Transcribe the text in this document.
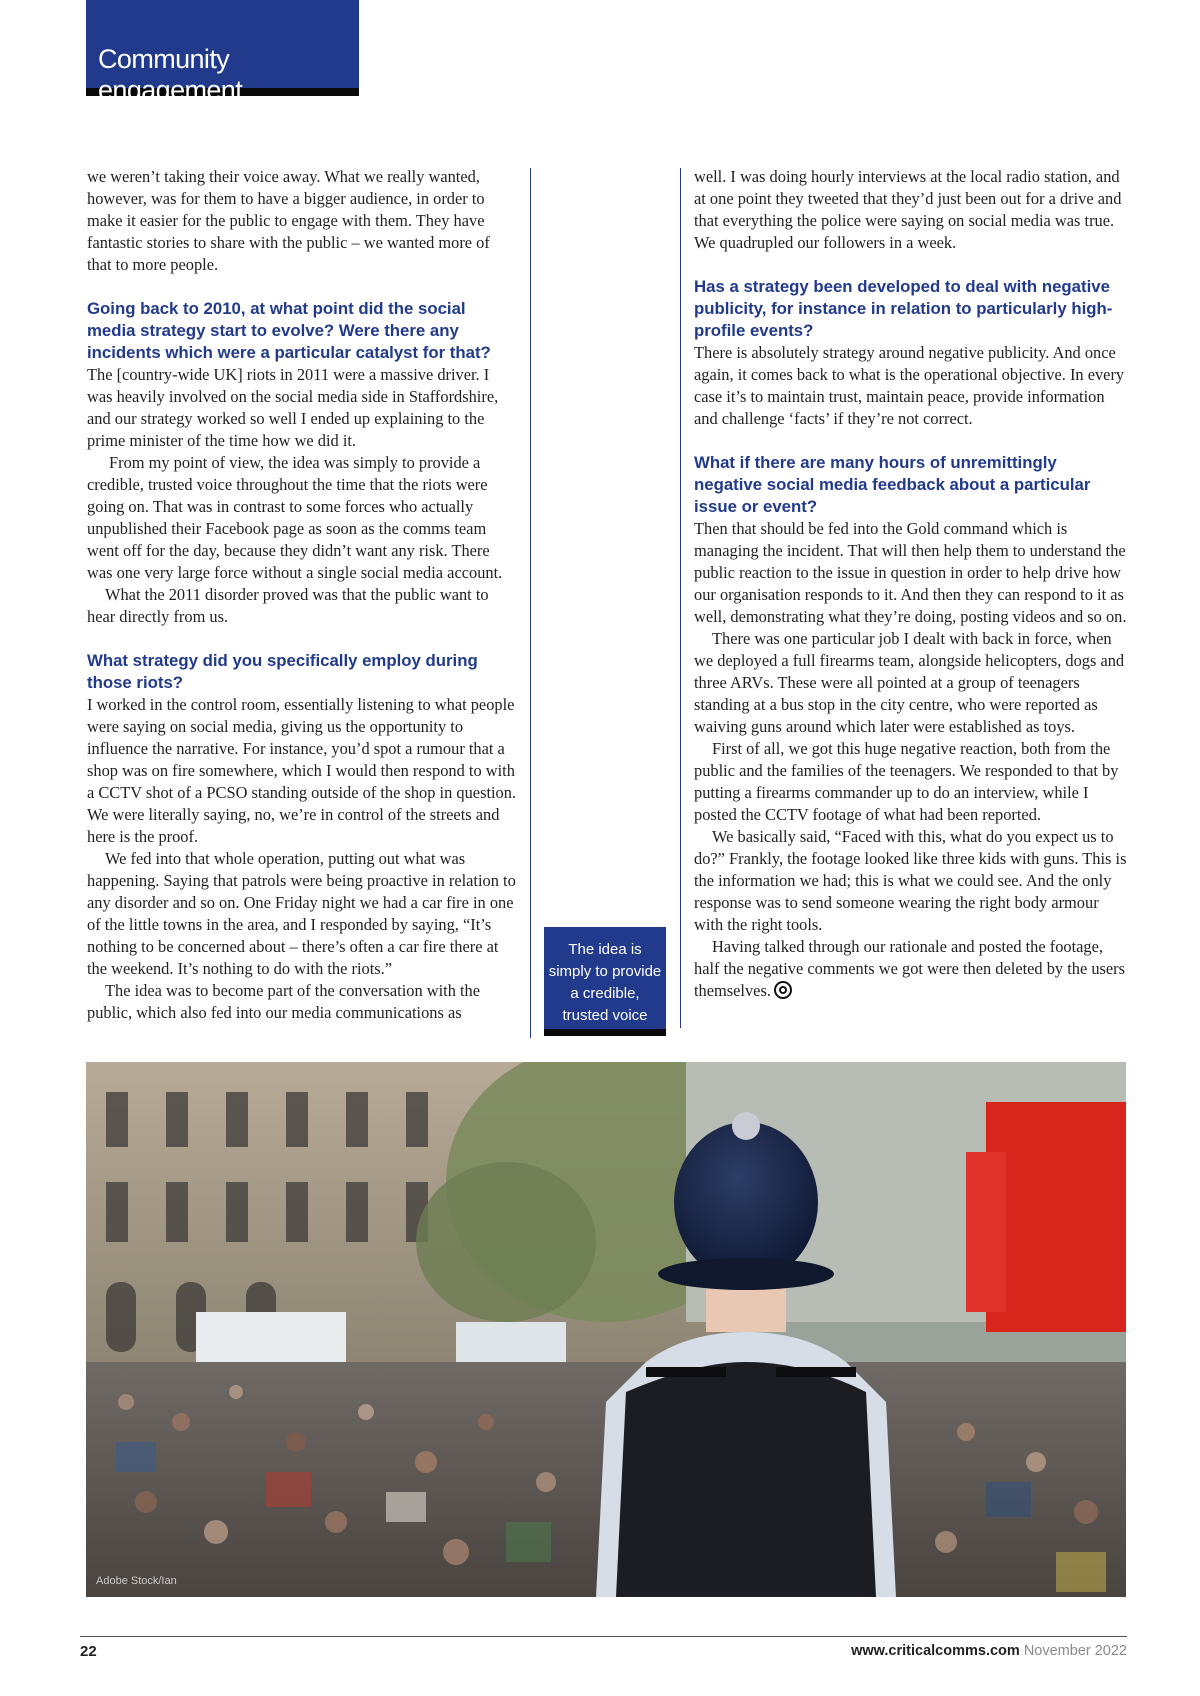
Community engagement

we weren’t taking their voice away. What we really wanted, however, was for them to have a bigger audience, in order to make it easier for the public to engage with them. They have fantastic stories to share with the public – we wanted more of that to more people.

Going back to 2010, at what point did the social media strategy start to evolve? Were there any incidents which were a particular catalyst for that?

The [country-wide UK] riots in 2011 were a massive driver. I was heavily involved on the social media side in Staffordshire, and our strategy worked so well I ended up explaining to the prime minister of the time how we did it.

From my point of view, the idea was simply to provide a credible, trusted voice throughout the time that the riots were going on. That was in contrast to some forces who actually unpublished their Facebook page as soon as the comms team went off for the day, because they didn’t want any risk. There was one very large force without a single social media account.

What the 2011 disorder proved was that the public want to hear directly from us.

What strategy did you specifically employ during those riots?

I worked in the control room, essentially listening to what people were saying on social media, giving us the opportunity to influence the narrative. For instance, you’d spot a rumour that a shop was on fire somewhere, which I would then respond to with a CCTV shot of a PCSO standing outside of the shop in question. We were literally saying, no, we’re in control of the streets and here is the proof.

We fed into that whole operation, putting out what was happening. Saying that patrols were being proactive in relation to any disorder and so on. One Friday night we had a car fire in one of the little towns in the area, and I responded by saying, “It’s nothing to be concerned about – there’s often a car fire there at the weekend. It’s nothing to do with the riots.”

The idea was to become part of the conversation with the public, which also fed into our media communications as

The idea is simply to provide a credible, trusted voice

well. I was doing hourly interviews at the local radio station, and at one point they tweeted that they’d just been out for a drive and that everything the police were saying on social media was true. We quadrupled our followers in a week.

Has a strategy been developed to deal with negative publicity, for instance in relation to particularly high-profile events?

There is absolutely strategy around negative publicity. And once again, it comes back to what is the operational objective. In every case it’s to maintain trust, maintain peace, provide information and challenge ‘facts’ if they’re not correct.

What if there are many hours of unremittingly negative social media feedback about a particular issue or event?

Then that should be fed into the Gold command which is managing the incident. That will then help them to understand the public reaction to the issue in question in order to help drive how our organisation responds to it. And then they can respond to it as well, demonstrating what they’re doing, posting videos and so on.

There was one particular job I dealt with back in force, when we deployed a full firearms team, alongside helicopters, dogs and three ARVs. These were all pointed at a group of teenagers standing at a bus stop in the city centre, who were reported as waiving guns around which later were established as toys.

First of all, we got this huge negative reaction, both from the public and the families of the teenagers. We responded to that by putting a firearms commander up to do an interview, while I posted the CCTV footage of what had been reported.

We basically said, “Faced with this, what do you expect us to do?” Frankly, the footage looked like three kids with guns. This is the information we had; this is what we could see. And the only response was to send someone wearing the right body armour with the right tools.

Having talked through our rationale and posted the footage, half the negative comments we got were then deleted by the users themselves.

Adobe Stock/Ian
22	www.criticalcomms.com November 2022
